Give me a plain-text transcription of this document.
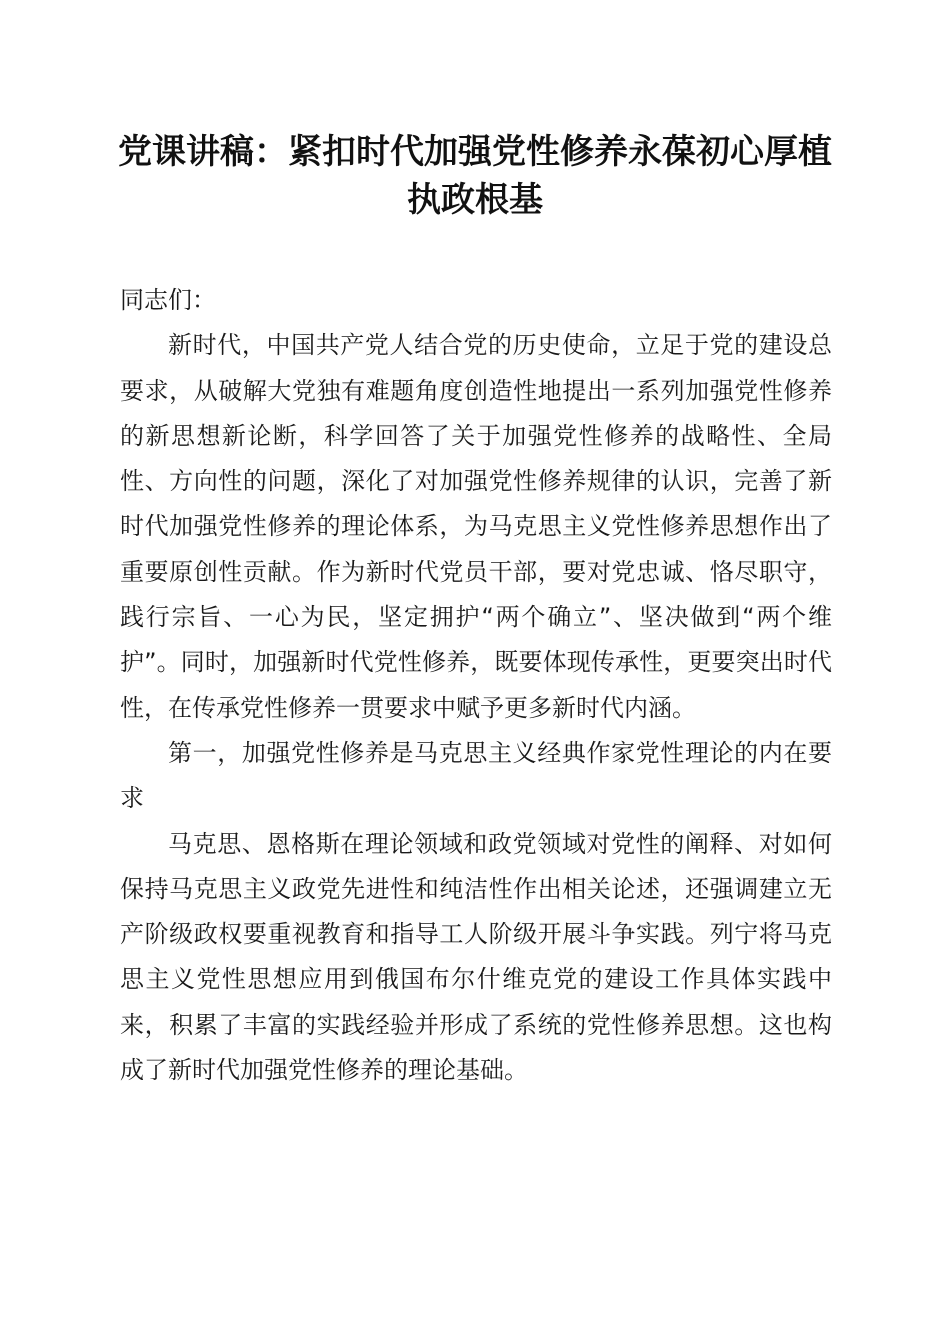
党课讲稿：紧扣时代加强党性修养永葆初心厚植执政根基

同志们：

新时代，中国共产党人结合党的历史使命，立足于党的建设总要求，从破解大党独有难题角度创造性地提出一系列加强党性修养的新思想新论断，科学回答了关于加强党性修养的战略性、全局性、方向性的问题，深化了对加强党性修养规律的认识，完善了新时代加强党性修养的理论体系，为马克思主义党性修养思想作出了重要原创性贡献。作为新时代党员干部，要对党忠诚、恪尽职守，践行宗旨、一心为民，坚定拥护“两个确立”、坚决做到“两个维护”。同时，加强新时代党性修养，既要体现传承性，更要突出时代性，在传承党性修养一贯要求中赋予更多新时代内涵。

第一，加强党性修养是马克思主义经典作家党性理论的内在要求

马克思、恩格斯在理论领域和政党领域对党性的阐释、对如何保持马克思主义政党先进性和纯洁性作出相关论述，还强调建立无产阶级政权要重视教育和指导工人阶级开展斗争实践。列宁将马克思主义党性思想应用到俄国布尔什维克党的建设工作具体实践中来，积累了丰富的实践经验并形成了系统的党性修养思想。这也构成了新时代加强党性修养的理论基础。
